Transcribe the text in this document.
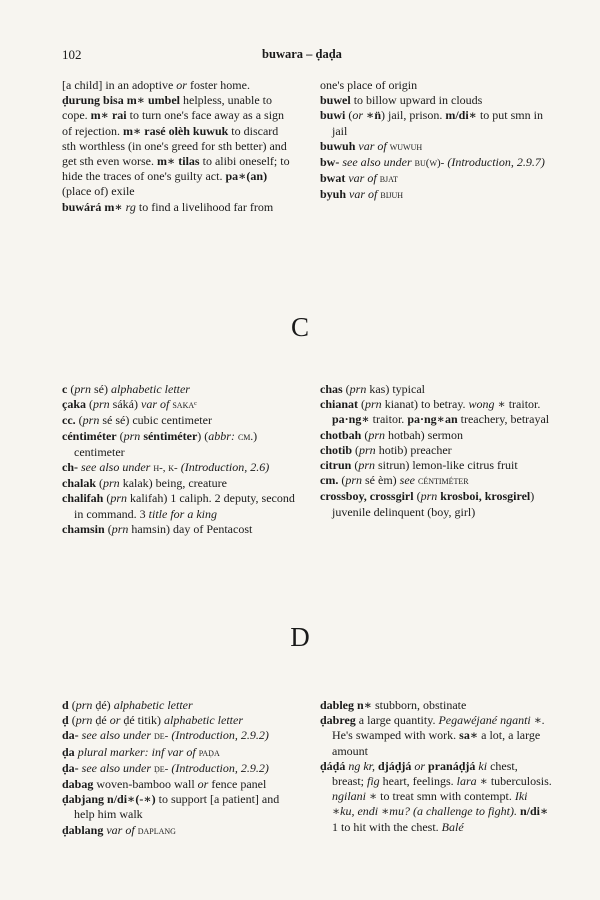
102	buwara – ḍaḍa

[a child] in an adoptive or foster home.

ḍurung bisa m∗ umbel helpless, unable to cope. m∗ rai to turn one's face away as a sign of rejection. m∗ rasé olèh kuwuk to discard sth worthless (in one's greed for sth better) and get sth even worse. m∗ tilas to alibi oneself; to hide the traces of one's guilty act. pa∗(an) (place of) exile

buwárá m∗ rg to find a livelihood far from

one's place of origin

buwel to billow upward in clouds

buwi (or ∗n̈) jail, prison. m/di∗ to put smn in jail

buwuh var of wuwuh

bw- see also under bu(w)- (Introduction, 2.9.7)

bwat var of bjat

byuh var of bijuh

C

c (prn sé) alphabetic letter

çaka (prn sáká) var of sakaᶜ

cc. (prn sé sé) cubic centimeter

céntiméter (prn séntiméter) (abbr: cm.) centimeter

ch- see also under h-, k- (Introduction, 2.6)

chalak (prn kalak) being, creature

chalifah (prn kalifah) 1 caliph. 2 deputy, second in command. 3 title for a king

chamsin (prn hamsin) day of Pentacost

chas (prn kas) typical

chianat (prn kianat) to betray. wong ∗ traitor. pa·ng∗ traitor. pa·ng∗an treachery, betrayal

chotbah (prn hotbah) sermon

chotib (prn hotib) preacher

citrun (prn sitrun) lemon-like citrus fruit

cm. (prn sé èm) see céntiméter

crossboy, crossgirl (prn krosboi, krosgirel) juvenile delinquent (boy, girl)

D

d (prn ḍé) alphabetic letter

ḍ (prn ḍé or ḍé titik) alphabetic letter

da- see also under de- (Introduction, 2.9.2)

ḍa plural marker: inf var of paḍa

ḍa- see also under ḍe- (Introduction, 2.9.2)

dabag woven-bamboo wall or fence panel

ḍabjang n/di∗(-∗) to support [a patient] and help him walk

ḍablang var of daplang

dableg n∗ stubborn, obstinate

ḍabreg a large quantity. Pegawéjané nganti ∗. He's swamped with work. sa∗ a lot, a large amount

ḍáḍá ng kr, djáḍjá or pranáḍjá ki chest, breast; fig heart, feelings. lara ∗ tuberculosis. ngilani ∗ to treat smn with contempt. Iki ∗ku, endi ∗mu? (a challenge to fight). n/di∗ 1 to hit with the chest. Balé
